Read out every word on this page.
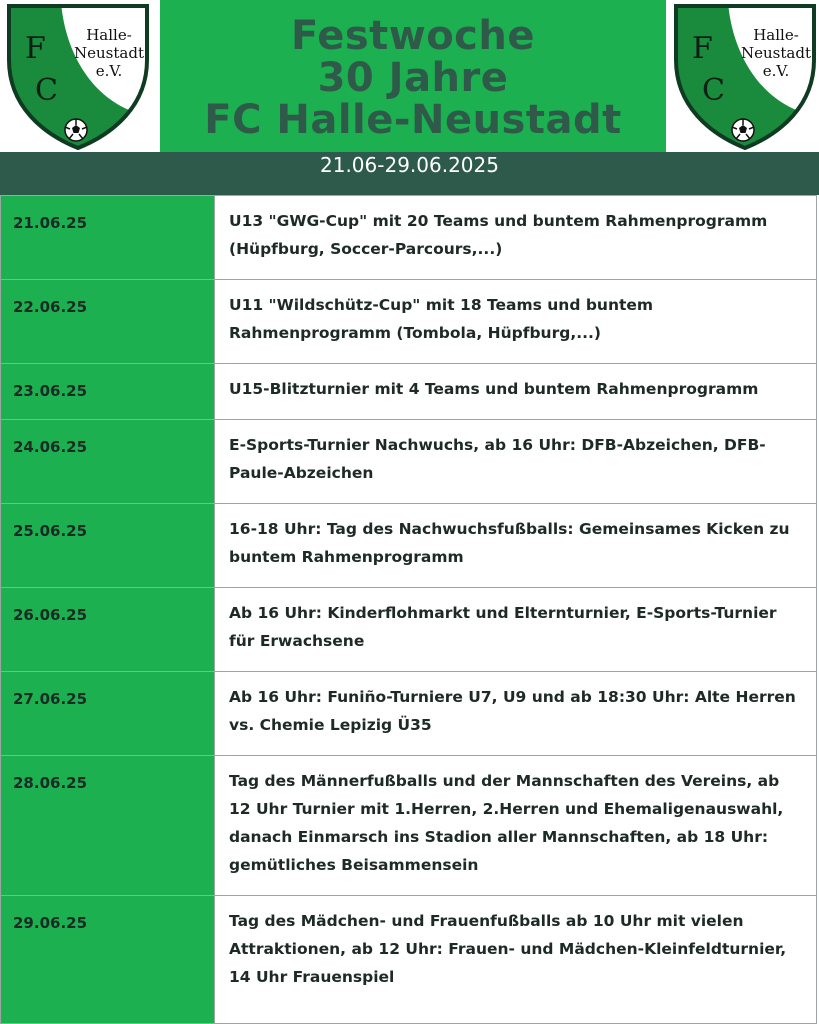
F
C
Halle-
Neustadt
e.V.
Festwoche
30 Jahre
FC Halle-Neustadt
F
C
Halle-
Neustadt
e.V.
21.06-29.06.2025
21.06.25	U13 "GWG-Cup" mit 20 Teams und buntem Rahmenprogramm (Hüpfburg, Soccer-Parcours,...)
22.06.25	U11 "Wildschütz-Cup" mit 18 Teams und buntem Rahmenprogramm (Tombola, Hüpfburg,...)
23.06.25	U15-Blitzturnier mit 4 Teams und buntem Rahmenprogramm
24.06.25	E-Sports-Turnier Nachwuchs, ab 16 Uhr: DFB-Abzeichen, DFB-Paule-Abzeichen
25.06.25	16-18 Uhr: Tag des Nachwuchsfußballs: Gemeinsames Kicken zu buntem Rahmenprogramm
26.06.25	Ab 16 Uhr: Kinderflohmarkt und Elternturnier, E-Sports-Turnier für Erwachsene
27.06.25	Ab 16 Uhr: Funiño-Turniere U7, U9 und ab 18:30 Uhr: Alte Herren vs. Chemie Lepizig Ü35
28.06.25	Tag des Männerfußballs und der Mannschaften des Vereins, ab 12 Uhr Turnier mit 1.Herren, 2.Herren und Ehemaligenauswahl, danach Einmarsch ins Stadion aller Mannschaften, ab 18 Uhr: gemütliches Beisammensein
29.06.25	Tag des Mädchen- und Frauenfußballs ab 10 Uhr mit vielen Attraktionen, ab 12 Uhr: Frauen- und Mädchen-Kleinfeldturnier, 14 Uhr Frauenspiel
